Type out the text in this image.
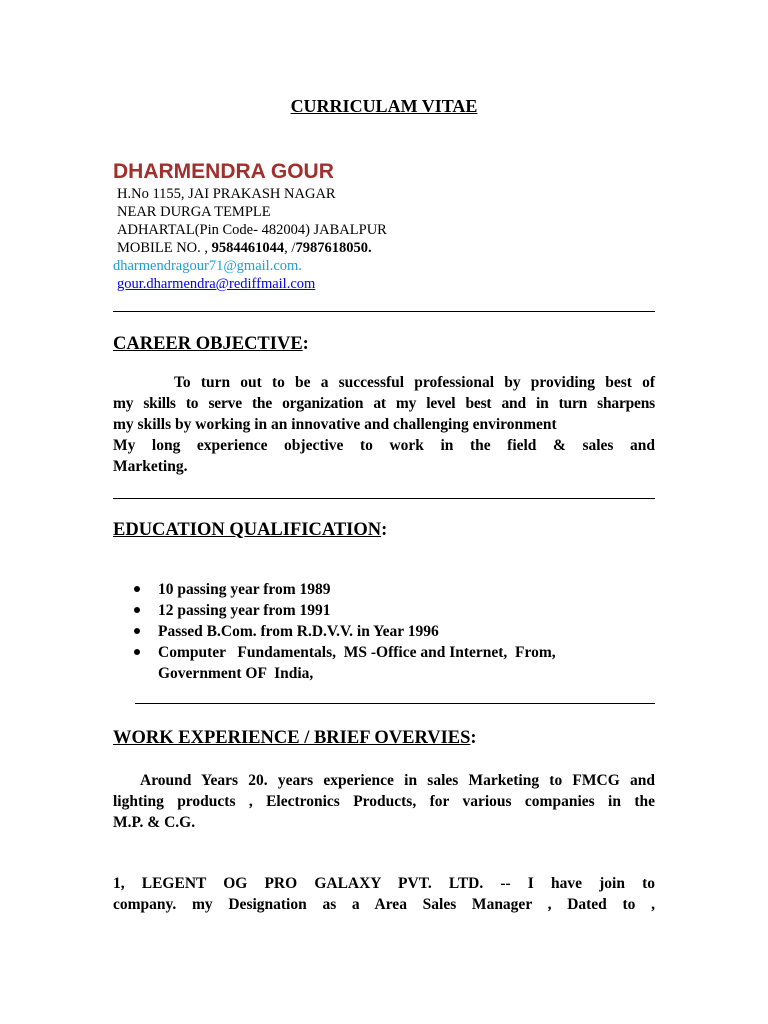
CURRICULAM VITAE
DHARMENDRA GOUR
H.No 1155, JAI PRAKASH NAGAR
NEAR DURGA TEMPLE
ADHARTAL(Pin Code- 482004) JABALPUR
MOBILE NO. , 9584461044, /7987618050.
dharmendragour71@gmail.com.
gour.dharmendra@rediffmail.com
CAREER OBJECTIVE:
To turn out to be a successful professional by providing best of
my skills to serve the organization at my level best and in turn sharpens
my skills by working in an innovative and challenging environment
My long experience objective to work in the field & sales and
Marketing.
EDUCATION QUALIFICATION:
10 passing year from 1989
12 passing year from 1991
Passed B.Com. from R.D.V.V. in Year 1996
Computer   Fundamentals,  MS -Office and Internet,  From,
Government OF  India,
WORK EXPERIENCE / BRIEF OVERVIES:
Around Years 20. years experience in sales Marketing to FMCG and
lighting products , Electronics Products, for various companies in the
M.P. & C.G.
1, LEGENT OG PRO GALAXY PVT. LTD. -- I have join to
company. my Designation as a Area Sales Manager , Dated to ,
